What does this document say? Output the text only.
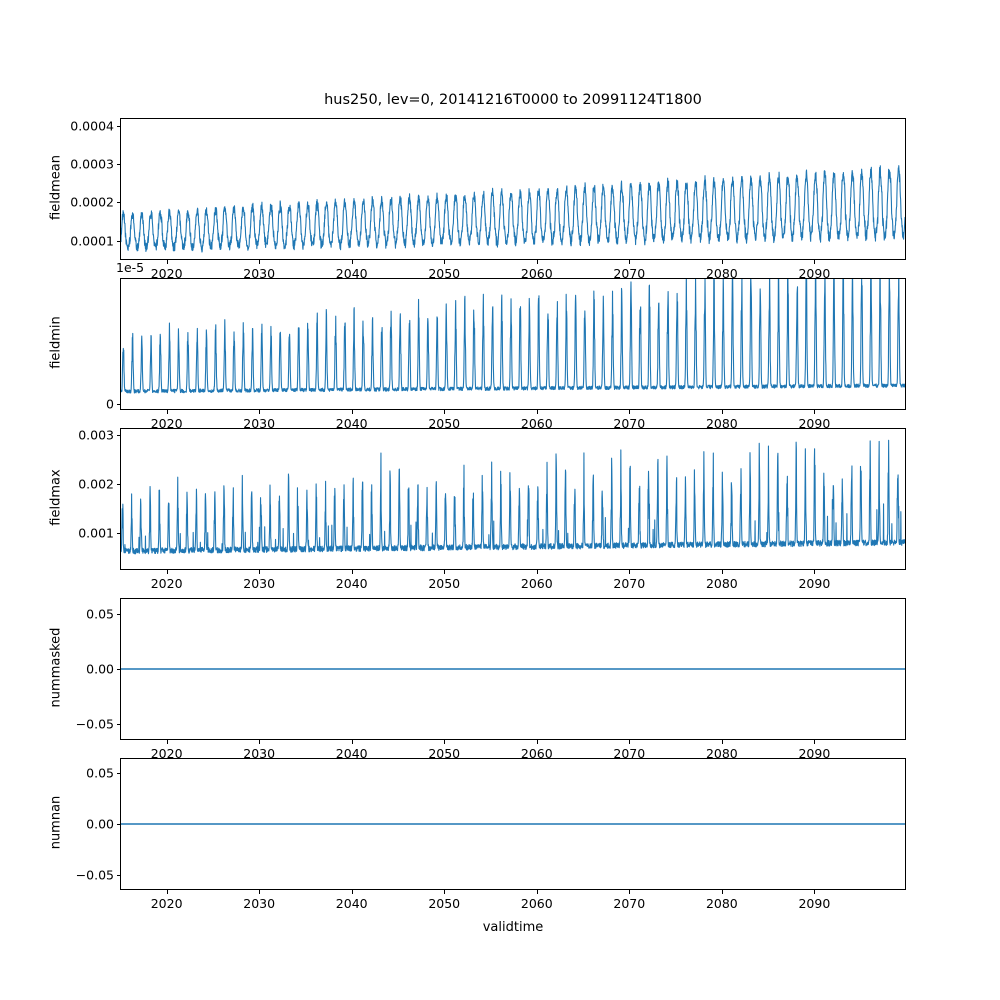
hus250, lev=0, 20141216T0000 to 20991124T1800
fieldmean
0.0001
0.0002
0.0003
0.0004
2020	2030	2040	2050	2060	2070	2080	2090
fieldmin
0
1e-5
2020	2030	2040	2050	2060	2070	2080	2090
fieldmax
0.001
0.002
0.003
2020	2030	2040	2050	2060	2070	2080	2090
nummasked
−0.05
0.00
0.05
2020	2030	2040	2050	2060	2070	2080	2090
numnan
−0.05
0.00
0.05
2020	2030	2040	2050	2060	2070	2080	2090
validtime
